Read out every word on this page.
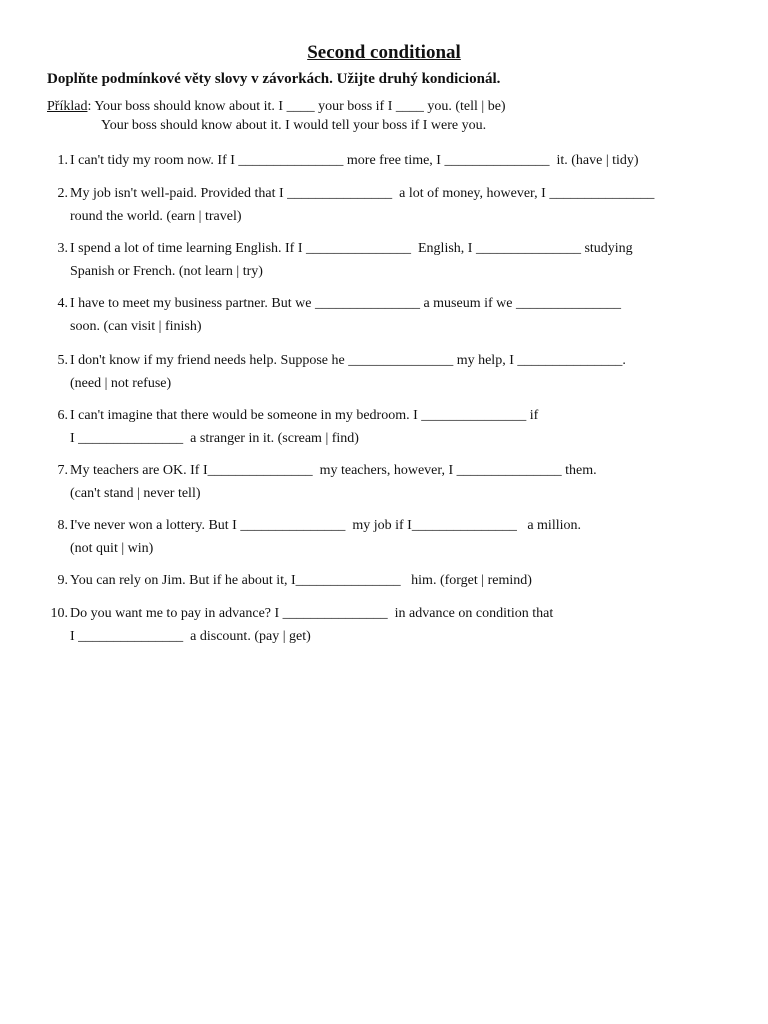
Second conditional
Doplňte podmínkové věty slovy v závorkách. Užijte druhý kondicionál.
Příklad: Your boss should know about it. I ____ your boss if I ____ you. (tell | be)
Your boss should know about it. I would tell your boss if I were you.
1. I can't tidy my room now. If I _______________ more free time, I _______________  it. (have | tidy)
2. My job isn't well-paid. Provided that I _______________  a lot of money, however, I _______________
round the world. (earn | travel)
3. I spend a lot of time learning English. If I _______________  English, I _______________ studying
Spanish or French. (not learn | try)
4. I have to meet my business partner. But we _______________ a museum if we _______________
soon. (can visit | finish)
5. I don't know if my friend needs help. Suppose he _______________ my help, I _______________.
(need | not refuse)
6. I can't imagine that there would be someone in my bedroom. I _______________ if
I _______________  a stranger in it. (scream | find)
7. My teachers are OK. If I_______________  my teachers, however, I _______________ them.
(can't stand | never tell)
8. I've never won a lottery. But I _______________  my job if I_______________   a million.
(not quit | win)
9. You can rely on Jim. But if he about it, I_______________   him. (forget | remind)
10. Do you want me to pay in advance? I _______________  in advance on condition that
I _______________  a discount. (pay | get)
